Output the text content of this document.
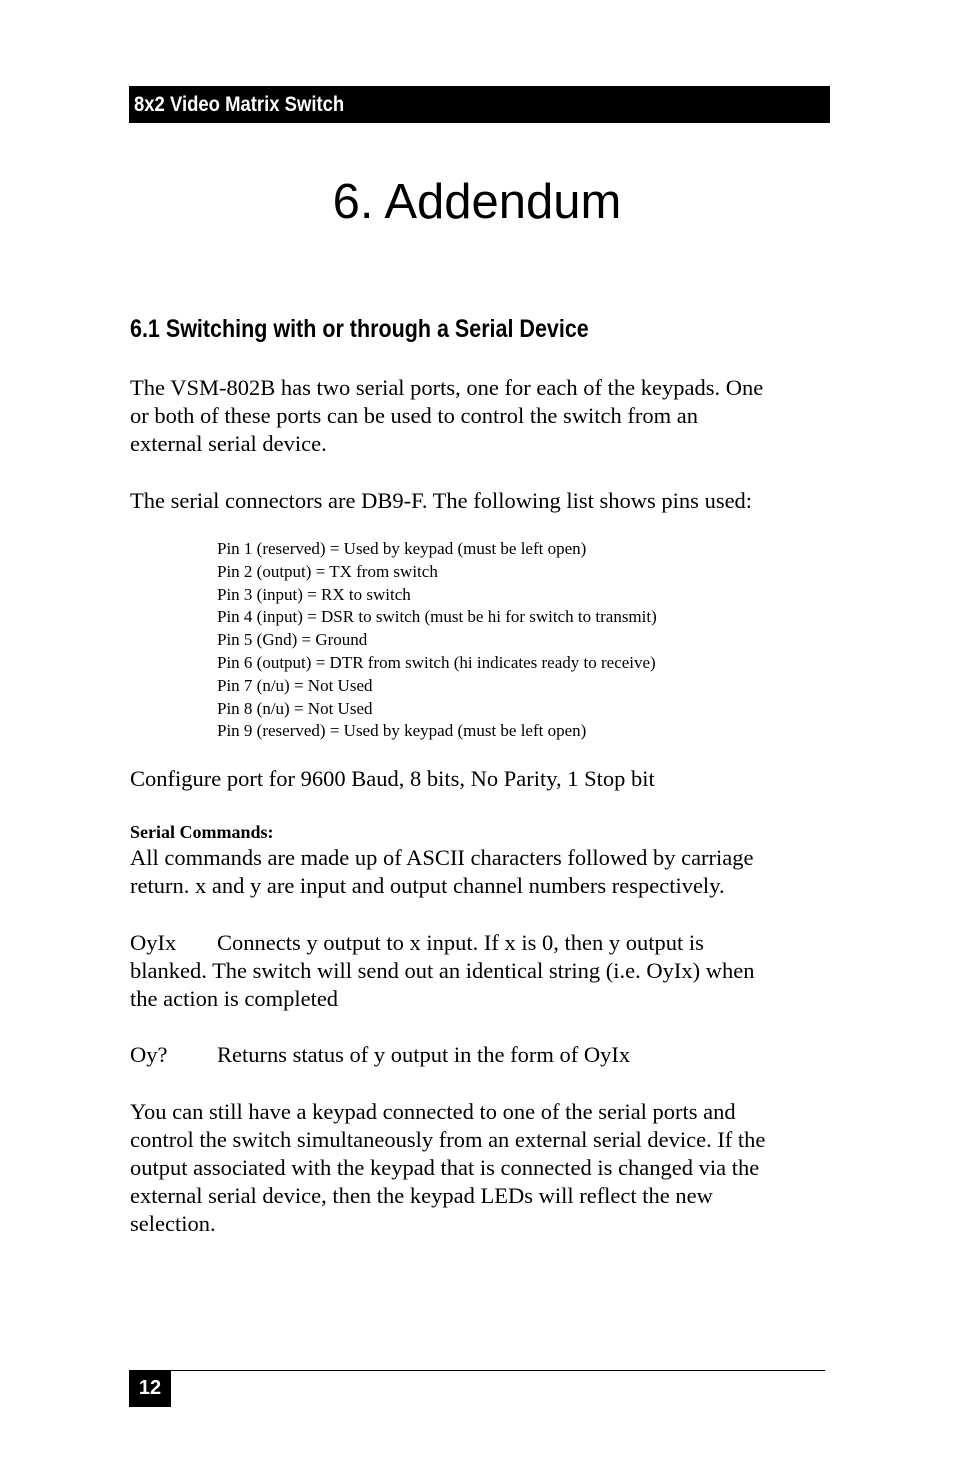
8x2 Video Matrix Switch
6. Addendum
6.1 Switching with or through a Serial Device
The VSM-802B has two serial ports, one for each of the keypads. One
or both of these ports can be used to control the switch from an
external serial device.
The serial connectors are DB9-F. The following list shows pins used:
Pin 1 (reserved) = Used by keypad (must be left open)
Pin 2 (output) = TX from switch
Pin 3 (input) = RX to switch
Pin 4 (input) = DSR to switch (must be hi for switch to transmit)
Pin 5 (Gnd) = Ground
Pin 6 (output) = DTR from switch (hi indicates ready to receive)
Pin 7 (n/u) = Not Used
Pin 8 (n/u) = Not Used
Pin 9 (reserved) = Used by keypad (must be left open)
Configure port for 9600 Baud, 8 bits, No Parity, 1 Stop bit
Serial Commands:
All commands are made up of ASCII characters followed by carriage
return. x and y are input and output channel numbers respectively.
OyIx Connects y output to x input. If x is 0, then y output is
blanked. The switch will send out an identical string (i.e. OyIx) when
the action is completed
Oy? Returns status of y output in the form of OyIx
You can still have a keypad connected to one of the serial ports and
control the switch simultaneously from an external serial device. If the
output associated with the keypad that is connected is changed via the
external serial device, then the keypad LEDs will reflect the new
selection.
12
